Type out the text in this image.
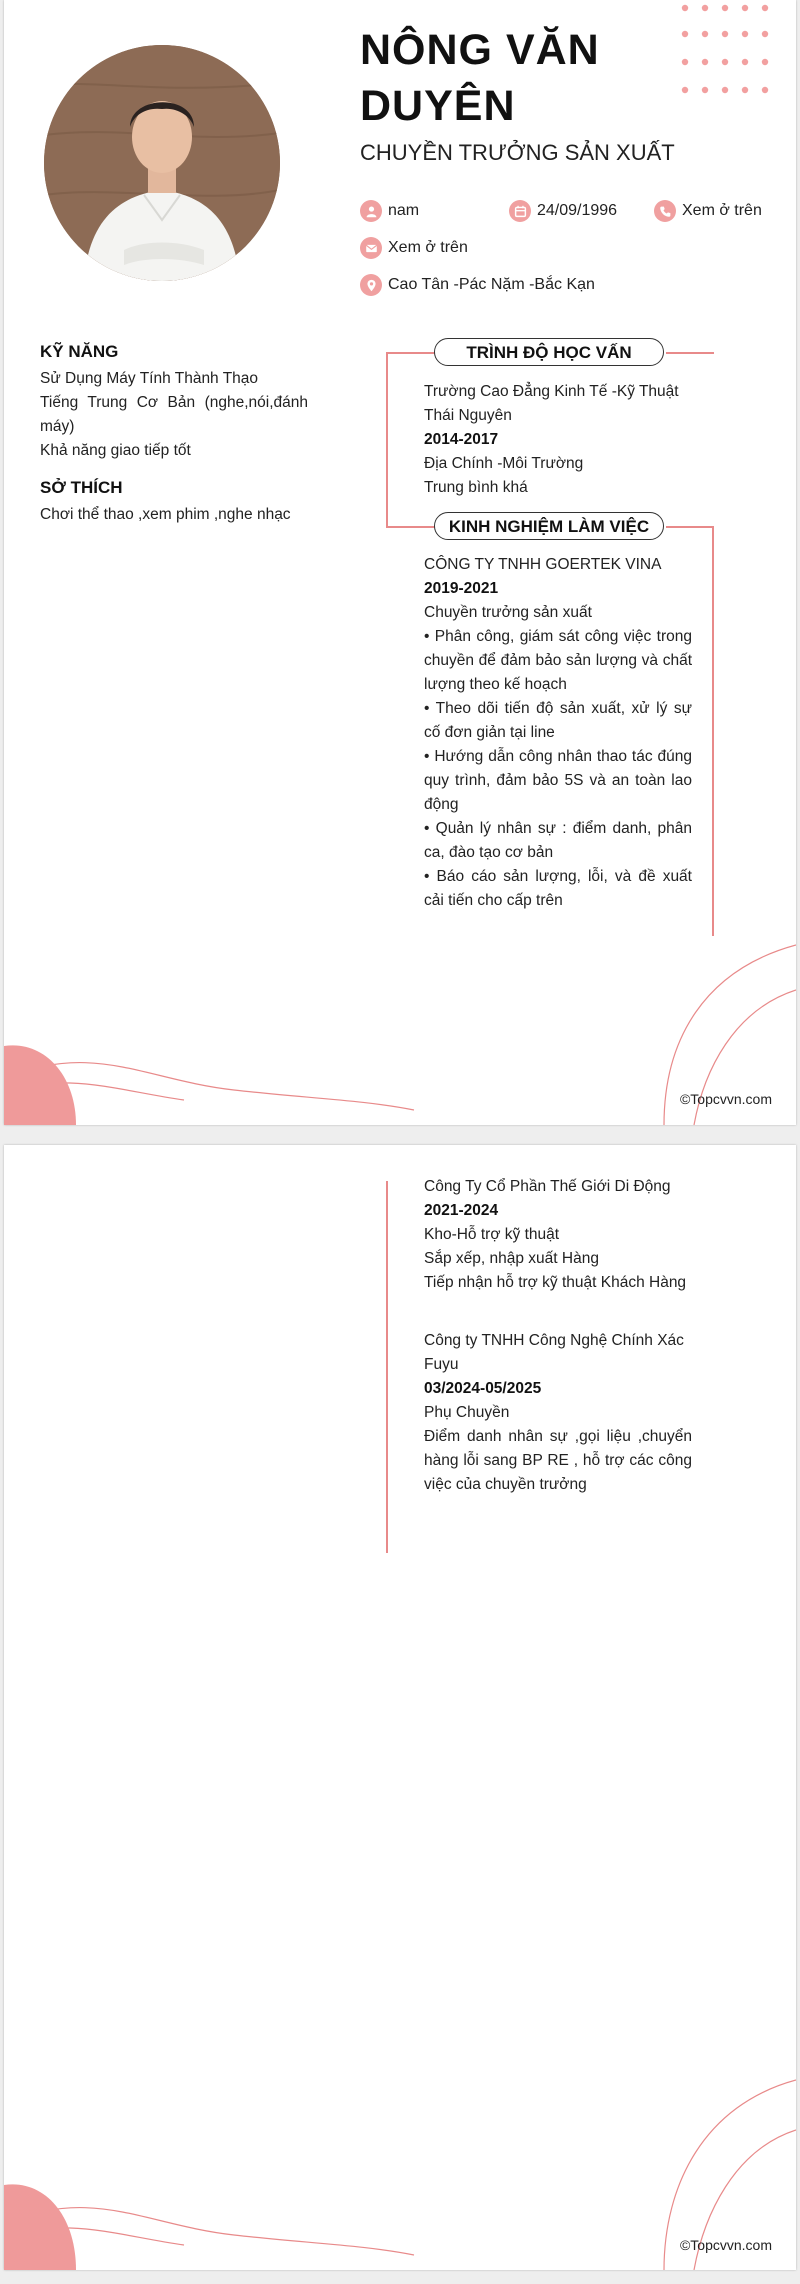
NÔNG VĂN
DUYÊN
CHUYỀN TRƯỞNG SẢN XUẤT
nam	24/09/1996	Xem ở trên
Xem ở trên
Cao Tân -Pác Nặm -Bắc Kạn
KỸ NĂNG
Sử Dụng Máy Tính Thành Thạo
Tiếng Trung Cơ Bản (nghe,nói,đánh máy)
Khả năng giao tiếp tốt
SỞ THÍCH
Chơi thể thao ,xem phim ,nghe nhạc
TRÌNH ĐỘ HỌC VẤN
Trường Cao Đẳng Kinh Tế -Kỹ Thuật Thái Nguyên
2014-2017
Địa Chính -Môi Trường
Trung bình khá
KINH NGHIỆM LÀM VIỆC
CÔNG TY TNHH GOERTEK VINA
2019-2021
Chuyền trưởng sản xuất
• Phân công, giám sát công việc trong chuyền để đảm bảo sản lượng và chất lượng theo kế hoạch
• Theo dõi tiến độ sản xuất, xử lý sự cố đơn giản tại line
• Hướng dẫn công nhân thao tác đúng quy trình, đảm bảo 5S và an toàn lao động
• Quản lý nhân sự : điểm danh, phân ca, đào tạo cơ bản
• Báo cáo sản lượng, lỗi, và đề xuất cải tiến cho cấp trên
©Topcvvn.com
Công Ty Cổ Phần Thế Giới Di Động
2021-2024
Kho-Hỗ trợ kỹ thuật
Sắp xếp, nhập xuất Hàng
Tiếp nhận hỗ trợ kỹ thuật Khách Hàng
Công ty TNHH Công Nghệ Chính Xác Fuyu
03/2024-05/2025
Phụ Chuyền
Điểm danh nhân sự ,gọi liệu ,chuyển hàng lỗi sang BP RE , hỗ trợ các công việc của chuyền trưởng
©Topcvvn.com
